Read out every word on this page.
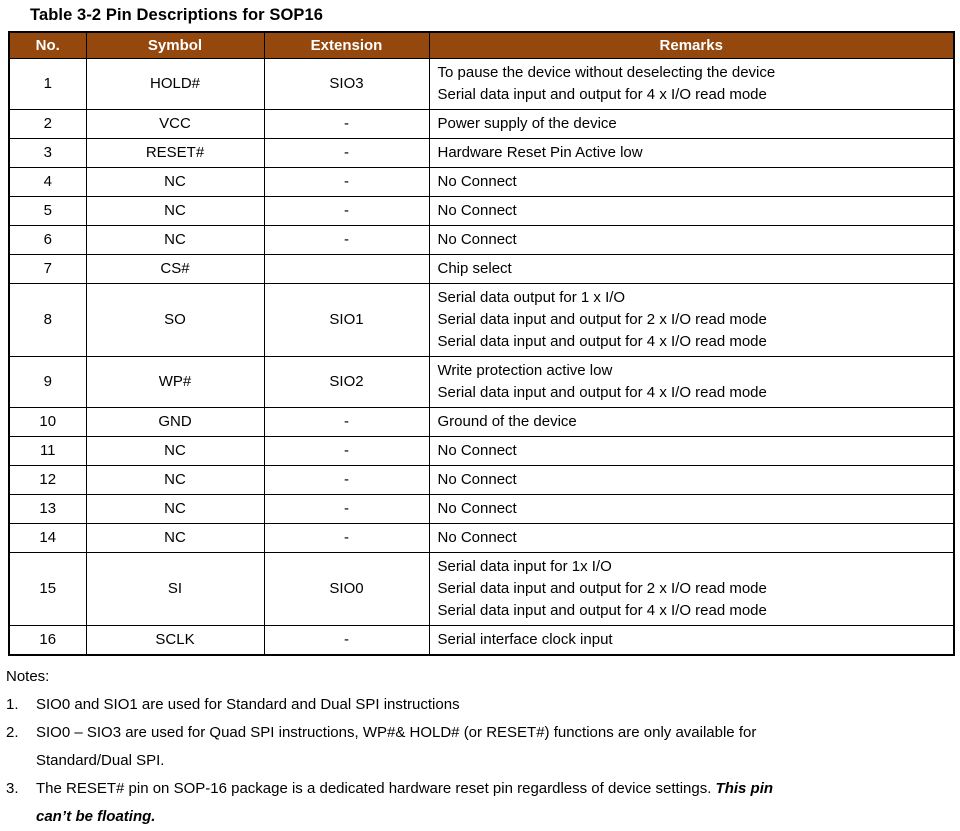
Table 3-2 Pin Descriptions for SOP16
No.	Symbol	Extension	Remarks
1	HOLD#	SIO3	To pause the device without deselecting the device
Serial data input and output for 4 x I/O read mode

2	VCC	-	Power supply of the device

3	RESET#	-	Hardware Reset Pin Active low

4	NC	-	No Connect

5	NC	-	No Connect

6	NC	-	No Connect

7	CS#		Chip select

8	SO	SIO1	Serial data output for 1 x I/O
Serial data input and output for 2 x I/O read mode
Serial data input and output for 4 x I/O read mode

9	WP#	SIO2	Write protection active low
Serial data input and output for 4 x I/O read mode

10	GND	-	Ground of the device

11	NC	-	No Connect

12	NC	-	No Connect

13	NC	-	No Connect

14	NC	-	No Connect

15	SI	SIO0	Serial data input for 1x I/O
Serial data input and output for 2 x I/O read mode
Serial data input and output for 4 x I/O read mode

16	SCLK	-	Serial interface clock input
Notes:
1.	SIO0 and SIO1 are used for Standard and Dual SPI instructions
2.	SIO0 – SIO3 are used for Quad SPI instructions, WP#& HOLD# (or RESET#) functions are only available for
Standard/Dual SPI.
3.	The RESET# pin on SOP-16 package is a dedicated hardware reset pin regardless of device settings. This pin
can’t be floating.
